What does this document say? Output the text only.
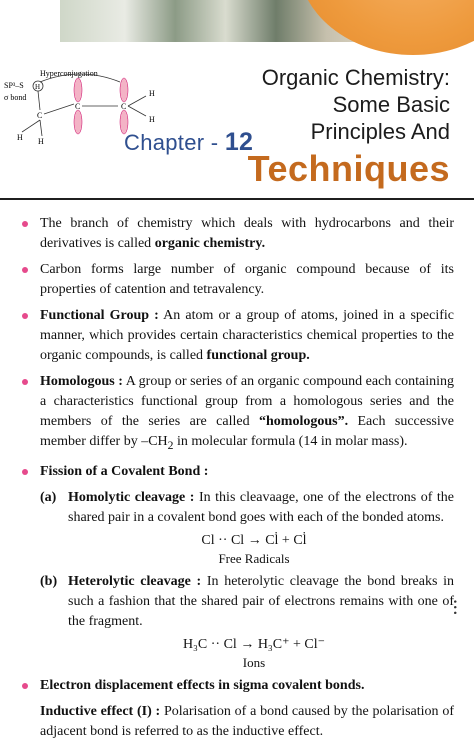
Hyperconjugation
SP³–S
σ bond
H
C
H H
C	C
H
H
Chapter - 12
Organic Chemistry:
Some Basic
Principles And
Techniques

The branch of chemistry which deals with hydrocarbons and their derivatives is called organic chemistry.

Carbon forms large number of organic compound because of its properties of catention and tetravalency.

Functional Group : An atom or a group of atoms, joined in a specific manner, which provides certain characteristics chemical properties to the organic compounds, is called functional group.

Homologous : A group or series of an organic compound each containing a characteristics functional group from a homologous series and the members of the series are called “homologous”. Each successive member differ by $-CH_2$ in molecular formula (14 in molar mass).

Fission of a Covalent Bond :

(a) Homolytic cleavage : In this cleavaage, one of the electrons of the shared pair in a covalent bond goes with each of the bonded atoms.

Cl ·· Cl → Cl̇ + Cl̇
Free Radicals

(b) Heterolytic cleavage : In heterolytic cleavage the bond breaks in such a fashion that the shared pair of electrons remains with one of the fragment.

H₃C ·· Cl → H₃C⁺ + Cl⁻
Ions

Electron displacement effects in sigma covalent bonds.

Inductive effect (I) : Polarisation of a bond caused by the polarisation of adjacent bond is referred to as the inductive effect.

• • •
